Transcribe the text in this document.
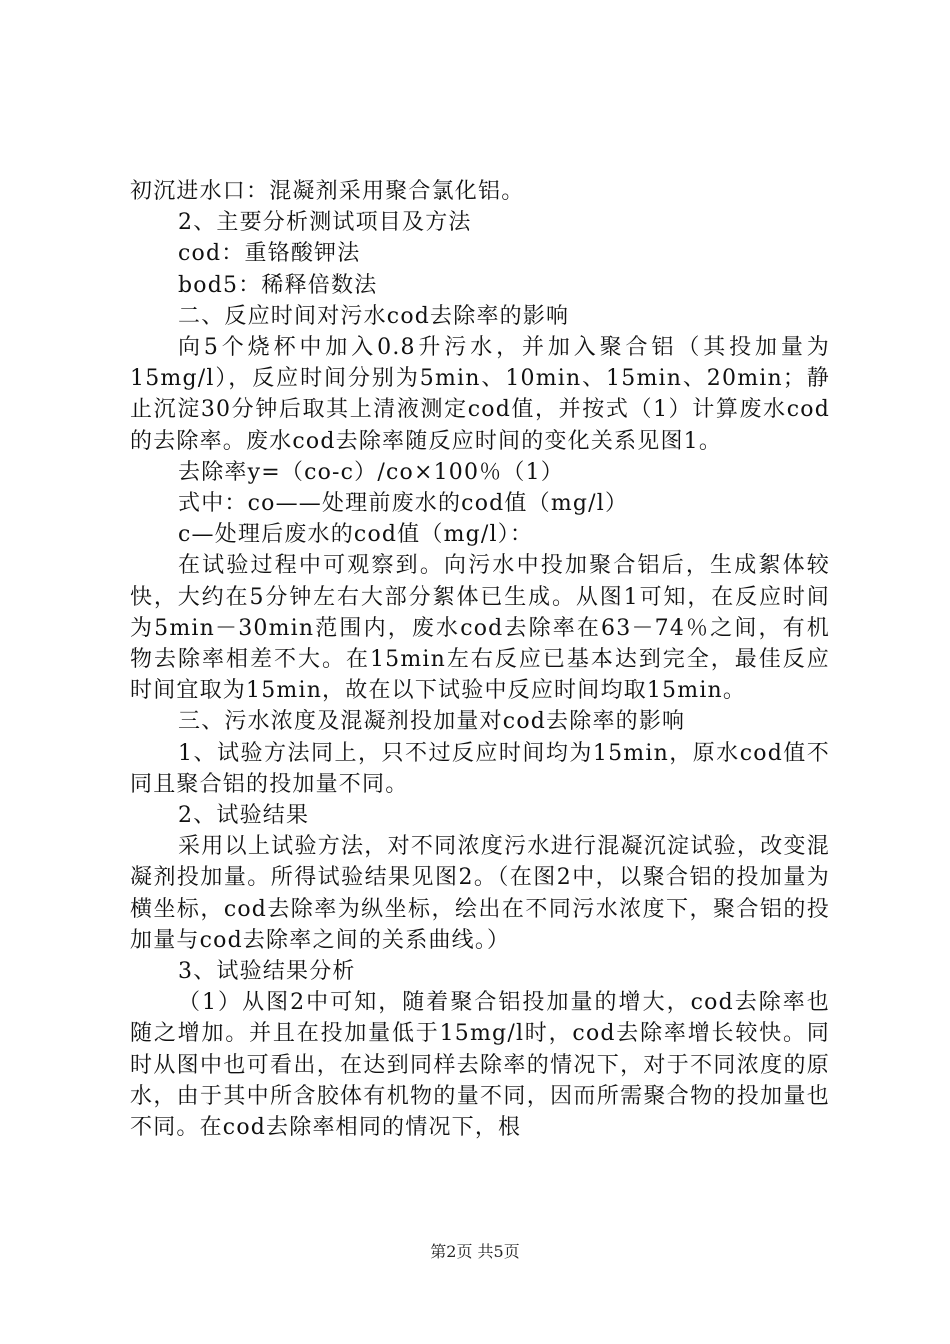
初沉进水口：混凝剂采用聚合氯化铝。

2、主要分析测试项目及方法

cod：重铬酸钾法

bod5：稀释倍数法

二、反应时间对污水cod去除率的影响

向5个烧杯中加入0.8升污水，并加入聚合铝（其投加量为15mg/l），反应时间分别为5min、10min、15min、20min；静止沉淀30分钟后取其上清液测定cod值，并按式（1）计算废水cod的去除率。废水cod去除率随反应时间的变化关系见图1。

去除率y=（co-c）/co×100％（1）

式中：co——处理前废水的cod值（mg/l）

c—处理后废水的cod值（mg/l）：

在试验过程中可观察到。向污水中投加聚合铝后，生成絮体较快，大约在5分钟左右大部分絮体已生成。从图1可知，在反应时间为5min－30min范围内，废水cod去除率在63－74％之间，有机物去除率相差不大。在15min左右反应已基本达到完全，最佳反应时间宜取为15min，故在以下试验中反应时间均取15min。

三、污水浓度及混凝剂投加量对cod去除率的影响

1、试验方法同上，只不过反应时间均为15min，原水cod值不同且聚合铝的投加量不同。

2、试验结果

采用以上试验方法，对不同浓度污水进行混凝沉淀试验，改变混凝剂投加量。所得试验结果见图2。（在图2中，以聚合铝的投加量为横坐标，cod去除率为纵坐标，绘出在不同污水浓度下，聚合铝的投加量与cod去除率之间的关系曲线。）

3、试验结果分析

（1）从图2中可知，随着聚合铝投加量的增大，cod去除率也随之增加。并且在投加量低于15mg/l时，cod去除率增长较快。同时从图中也可看出，在达到同样去除率的情况下，对于不同浓度的原水，由于其中所含胶体有机物的量不同，因而所需聚合物的投加量也不同。在cod去除率相同的情况下，根

第2页 共5页
